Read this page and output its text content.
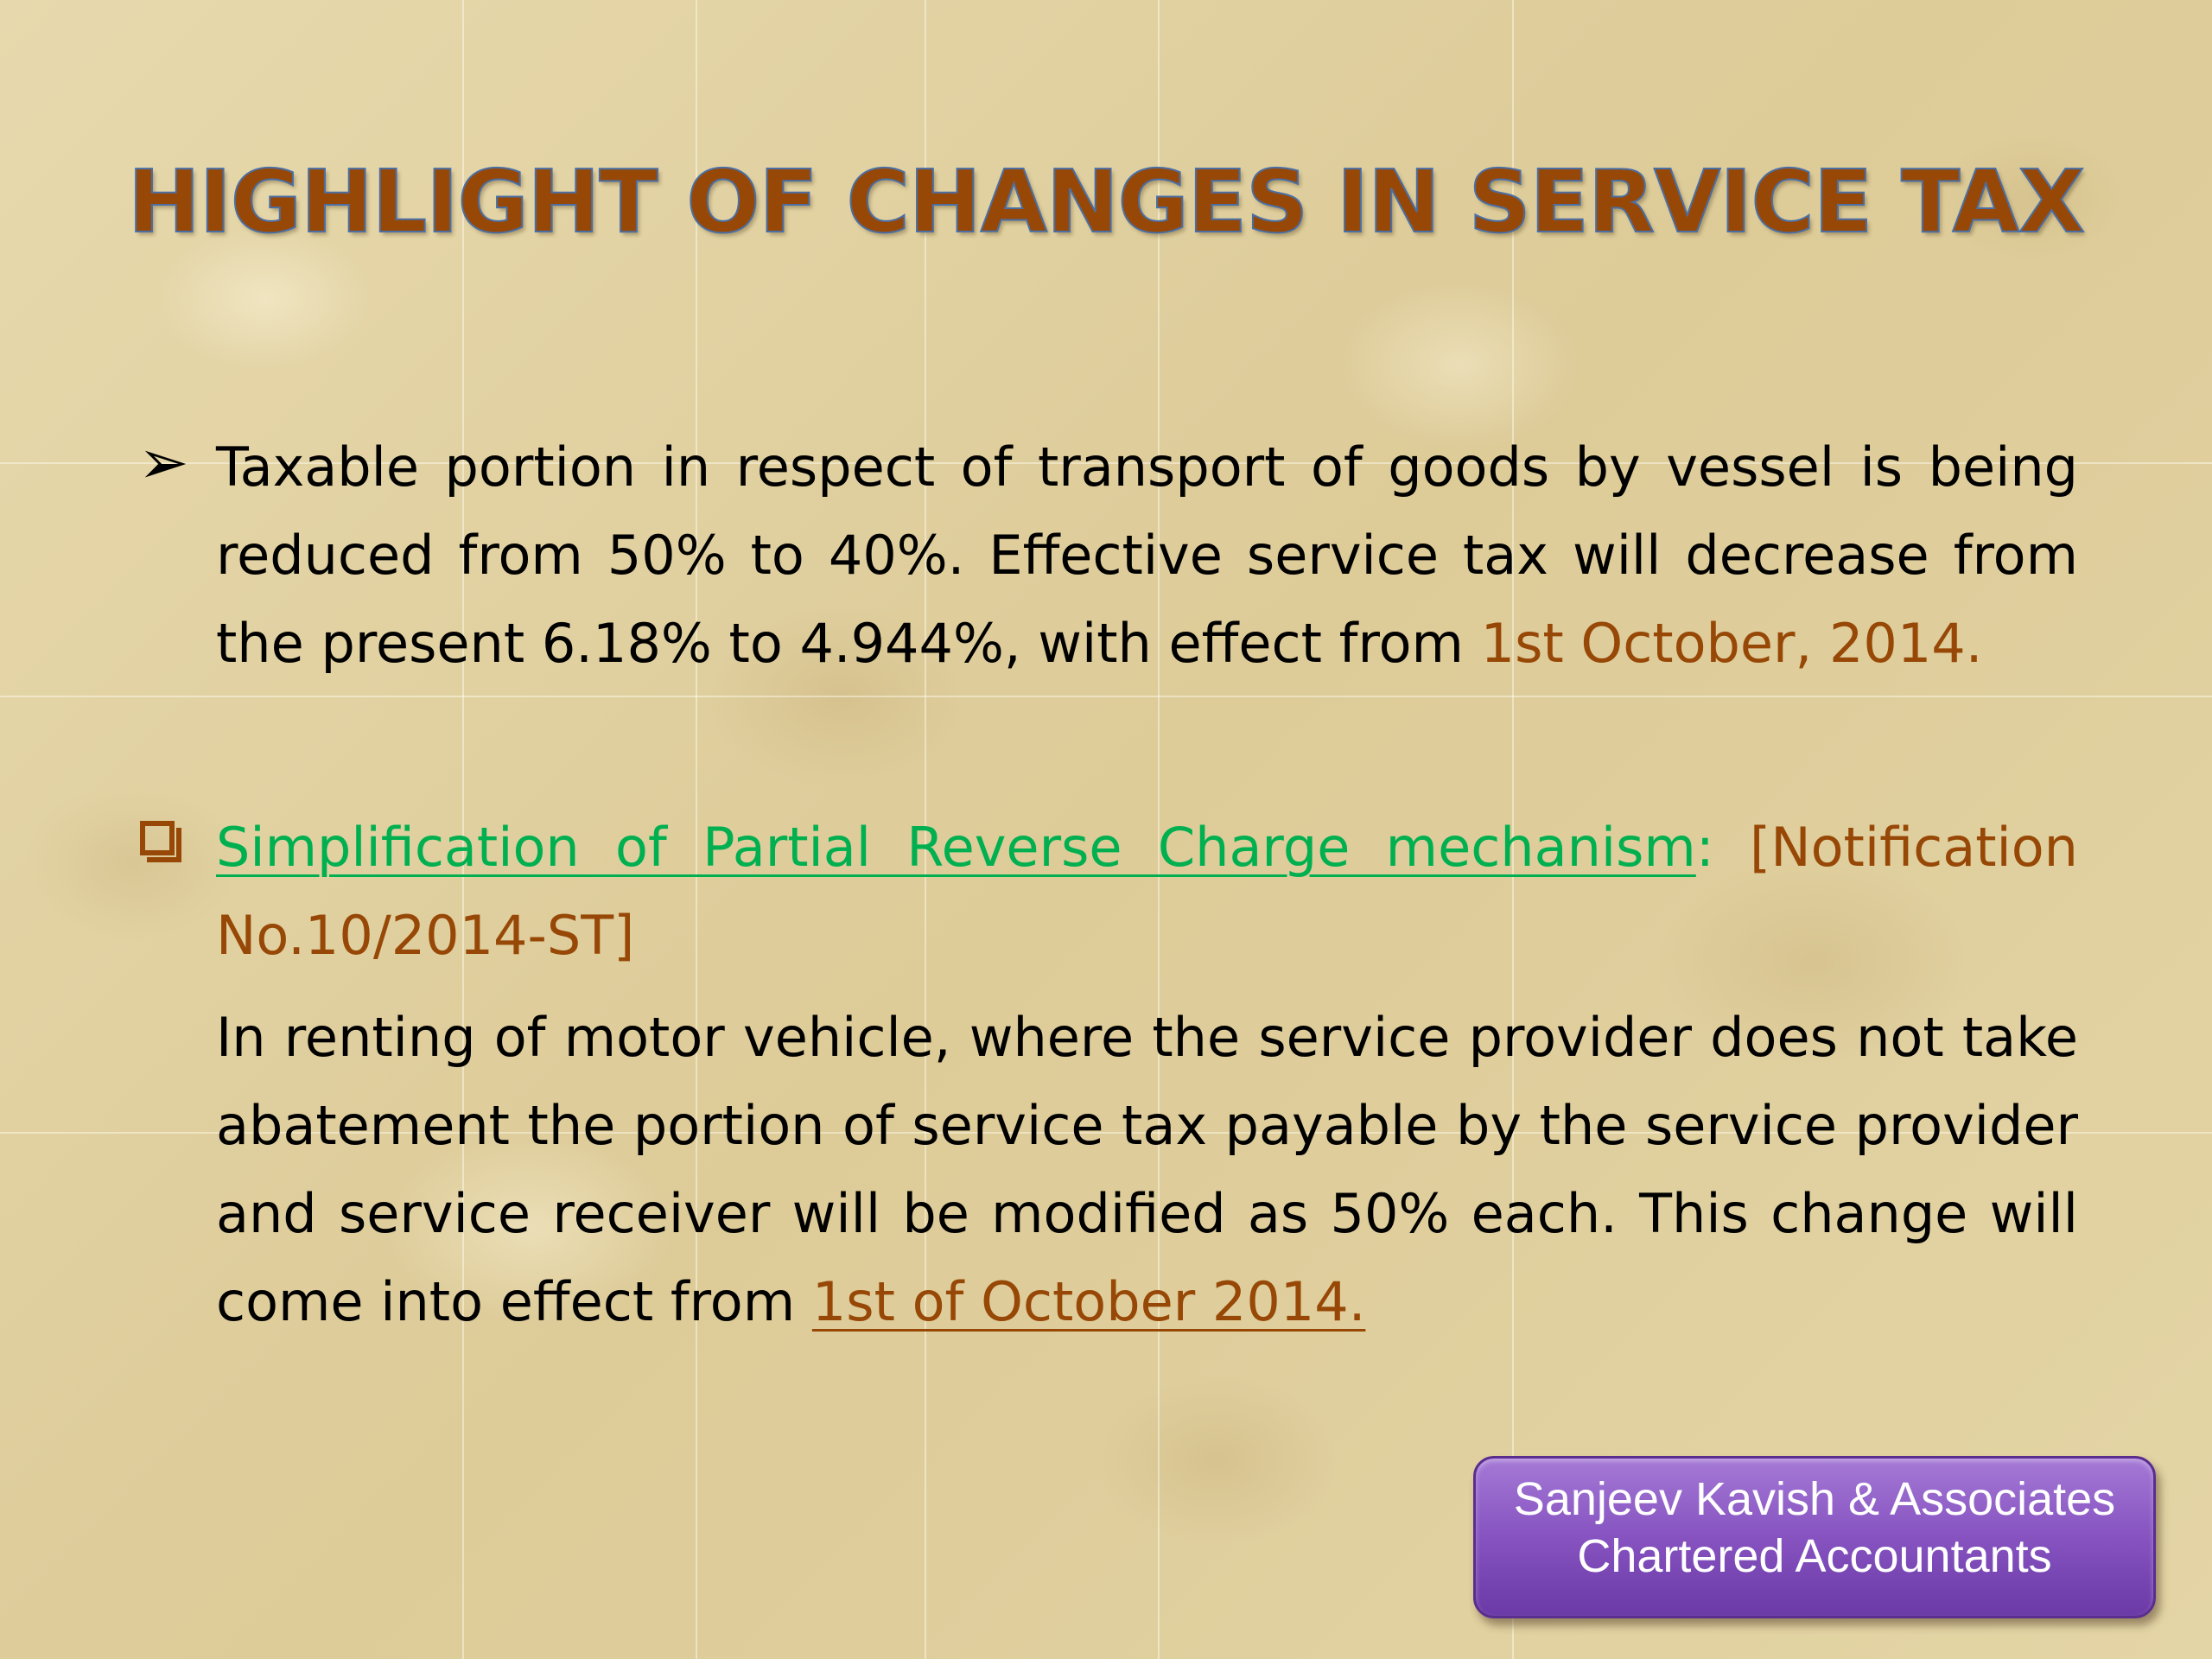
HIGHLIGHT OF CHANGES IN SERVICE TAX
➢ Taxable portion in respect of transport of goods by vessel is being reduced from 50% to 40%. Effective service tax will decrease from the present 6.18% to 4.944%, with effect from 1st October, 2014.
Simplification of Partial Reverse Charge mechanism: [Notification No.10/2014-ST]
In renting of motor vehicle, where the service provider does not take abatement the portion of service tax payable by the service provider and service receiver will be modified as 50% each. This change will come into effect from 1st of October 2014.
Sanjeev Kavish & Associates
Chartered Accountants
